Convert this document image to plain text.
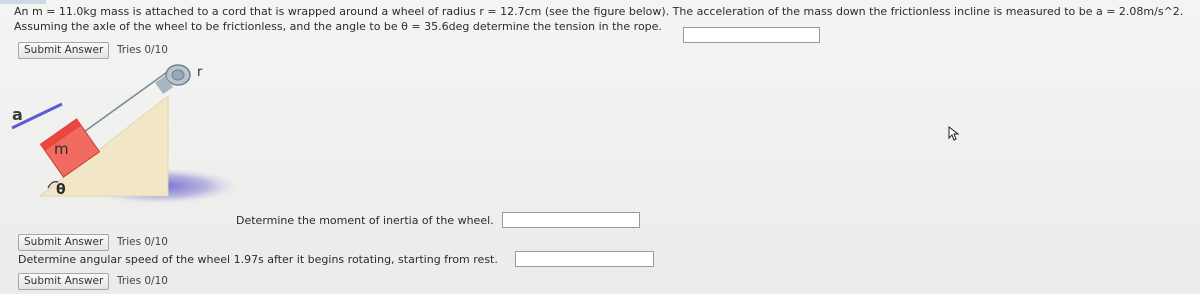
An m = 11.0kg mass is attached to a cord that is wrapped around a wheel of radius r = 12.7cm (see the figure below). The acceleration of the mass down the frictionless incline is measured to be a = 2.08m/s^2.
Assuming the axle of the wheel to be frictionless, and the angle to be θ = 35.6deg determine the tension in the rope.
Submit Answer	Tries 0/10
r
a
m
θ
Determine the moment of inertia of the wheel.
Submit Answer	Tries 0/10
Determine angular speed of the wheel 1.97s after it begins rotating, starting from rest.
Submit Answer	Tries 0/10
